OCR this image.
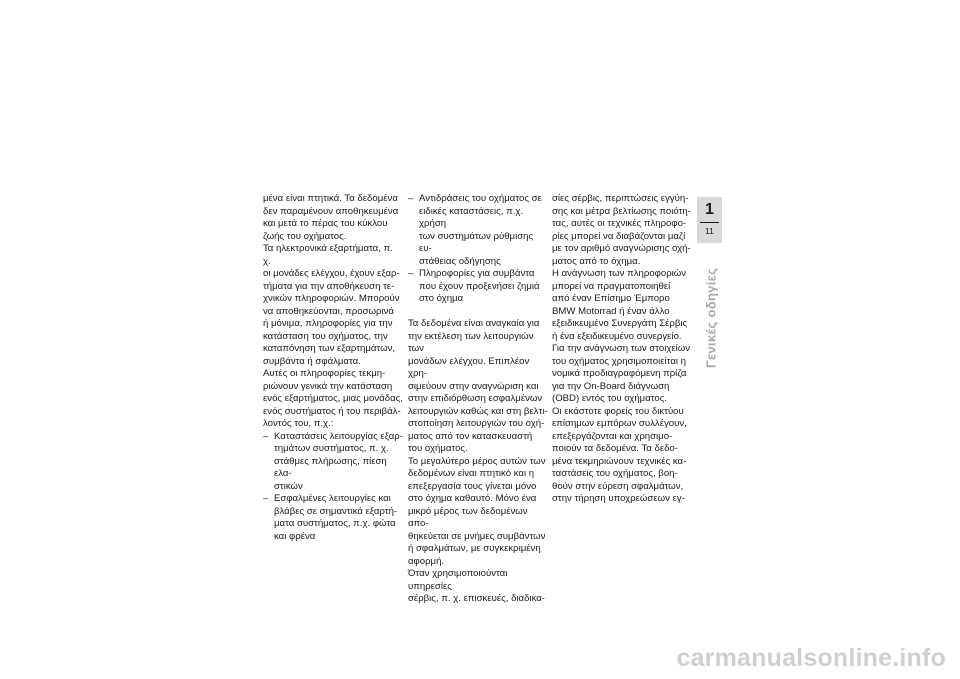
μένα είναι πτητικά. Τα δεδομένα
δεν παραμένουν αποθηκευμένα
και μετά το πέρας του κύκλου
ζωής του οχήματος.
Τα ηλεκτρονικά εξαρτήματα, π. χ.
οι μονάδες ελέγχου, έχουν εξαρ-
τήματα για την αποθήκευση τε-
χνικών πληροφοριών. Μπορούν
να αποθηκεύονται, προσωρινά
ή μόνιμα, πληροφορίες για την
κατάσταση του οχήματος, την
καταπόνηση των εξαρτημάτων,
συμβάντα ή σφάλματα.
Αυτές οι πληροφορίες τεκμη-
ριώνουν γενικά την κατάσταση
ενός εξαρτήματος, μιας μονάδας,
ενός συστήματος ή του περιβάλ-
λοντός του, π.χ.:

– Καταστάσεις λειτουργίας εξαρ-
τημάτων συστήματος, π. χ.
στάθμες πλήρωσης, πίεση ελα-
στικών
– Εσφαλμένες λειτουργίες και
βλάβες σε σημαντικά εξαρτή-
ματα συστήματος, π.χ. φώτα
και φρένα
– Αντιδράσεις του οχήματος σε
ειδικές καταστάσεις, π.χ. χρήση
των συστημάτων ρύθμισης ευ-
στάθειας οδήγησης
– Πληροφορίες για συμβάντα
που έχουν προξενήσει ζημιά
στο όχημα

Τα δεδομένα είναι αναγκαία για
την εκτέλεση των λειτουργιών των
μονάδων ελέγχου. Επιπλέον χρη-
σιμεύουν στην αναγνώριση και
στην επιδιόρθωση εσφαλμένων
λειτουργιών καθώς και στη βελτι-
στοποίηση λειτουργιών του οχή-
ματος από τον κατασκευαστή
του οχήματος.
Το μεγαλύτερο μέρος αυτών των
δεδομένων είναι πτητικό και η
επεξεργασία τους γίνεται μόνο
στο όχημα καθαυτό. Μόνο ένα
μικρό μέρος των δεδομένων απο-
θηκεύεται σε μνήμες συμβάντων
ή σφαλμάτων, με συγκεκριμένη
αφορμή.
Όταν χρησιμοποιούνται υπηρεσίες
σέρβις, π. χ. επισκευές, διαδικα-

σίες σέρβις, περιπτώσεις εγγύη-
σης και μέτρα βελτίωσης ποιότη-
τας, αυτές οι τεχνικές πληροφο-
ρίες μπορεί να διαβάζονται μαζί
με τον αριθμό αναγνώρισης οχή-
ματος από το όχημα.
Η ανάγνωση των πληροφοριών
μπορεί να πραγματοποιηθεί
από έναν Επίσημο Έμπορο
BMW Motorrad ή έναν άλλο
εξειδικευμένο Συνεργάτη Σέρβις
ή ένα εξειδικευμένο συνεργείο.
Για την ανάγνωση των στοιχείων
του οχήματος χρησιμοποιείται η
νομικά προδιαγραφόμενη πρίζα
για την On-Board διάγνωση
(OBD) εντός του οχήματος.
Οι εκάστοτε φορείς του δικτύου
επίσημων εμπόρων συλλέγουν,
επεξεργάζονται και χρησιμο-
ποιούν τα δεδομένα. Τα δεδο-
μένα τεκμηριώνουν τεχνικές κα-
ταστάσεις του οχήματος, βοη-
θούν στην εύρεση σφαλμάτων,
στην τήρηση υποχρεώσεων εγ-

1
11
Γενικές οδηγίες
carmanualsonline.info
